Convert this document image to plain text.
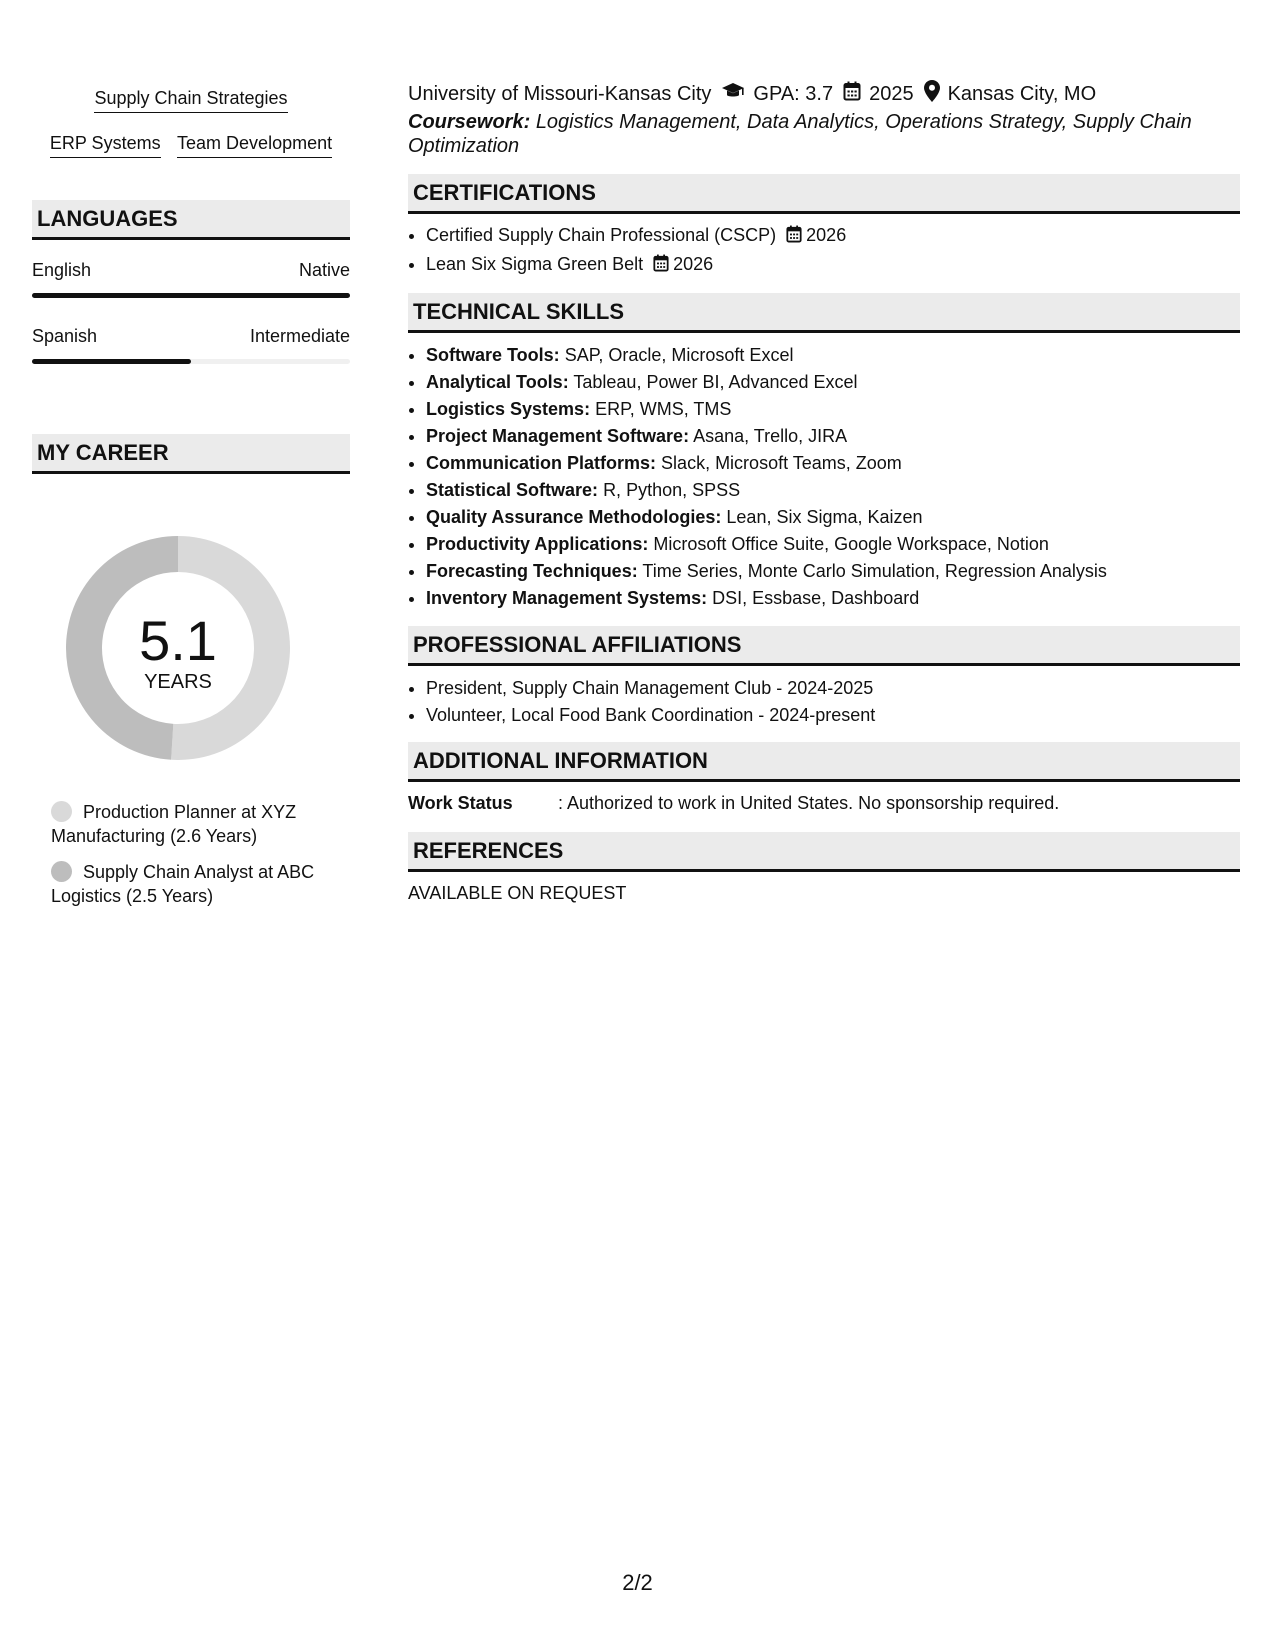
Supply Chain Strategies
ERP Systems Team Development
LANGUAGES
English	Native
Spanish	Intermediate
MY CAREER
5.1
YEARS
Production Planner at XYZ Manufacturing (2.6 Years)
Supply Chain Analyst at ABC Logistics (2.5 Years)
University of Missouri-Kansas City GPA: 3.7 2025 Kansas City, MO
Coursework: Logistics Management, Data Analytics, Operations Strategy, Supply Chain Optimization
CERTIFICATIONS
• Certified Supply Chain Professional (CSCP) 2026
• Lean Six Sigma Green Belt 2026
TECHNICAL SKILLS
• Software Tools: SAP, Oracle, Microsoft Excel
• Analytical Tools: Tableau, Power BI, Advanced Excel
• Logistics Systems: ERP, WMS, TMS
• Project Management Software: Asana, Trello, JIRA
• Communication Platforms: Slack, Microsoft Teams, Zoom
• Statistical Software: R, Python, SPSS
• Quality Assurance Methodologies: Lean, Six Sigma, Kaizen
• Productivity Applications: Microsoft Office Suite, Google Workspace, Notion
• Forecasting Techniques: Time Series, Monte Carlo Simulation, Regression Analysis
• Inventory Management Systems: DSI, Essbase, Dashboard
PROFESSIONAL AFFILIATIONS
• President, Supply Chain Management Club - 2024-2025
• Volunteer, Local Food Bank Coordination - 2024-present
ADDITIONAL INFORMATION
Work Status	: Authorized to work in United States. No sponsorship required.
REFERENCES
AVAILABLE ON REQUEST
2/2
